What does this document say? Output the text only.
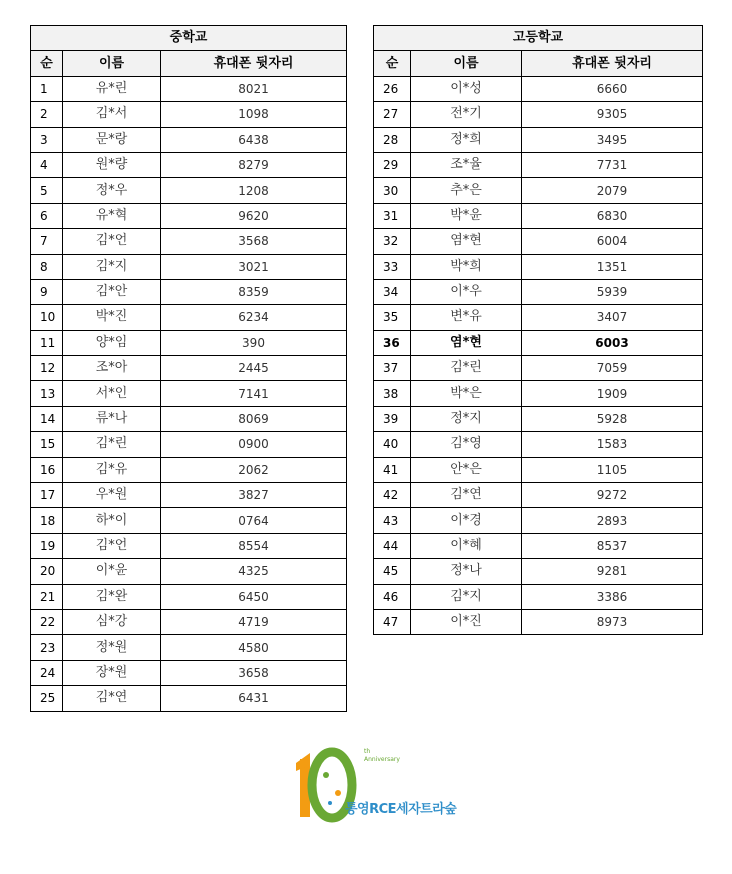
중학교		
순	이름	휴대폰 뒷자리
1	유*린	8021
2	김*서	1098
3	문*랑	6438
4	원*량	8279
5	정*우	1208
6	유*혁	9620
7	김*언	3568
8	김*지	3021
9	김*안	8359
10	박*진	6234
11	양*임	390
12	조*아	2445
13	서*인	7141
14	류*나	8069
15	김*린	0900
16	김*유	2062
17	우*원	3827
18	하*이	0764
19	김*언	8554
20	이*윤	4325
21	김*완	6450
22	심*강	4719
23	정*원	4580
24	장*원	3658
25	김*연	6431
고등학교		
순	이름	휴대폰 뒷자리
26	이*성	6660
27	전*기	9305
28	정*희	3495
29	조*율	7731
30	추*은	2079
31	박*윤	6830
32	염*현	6004
33	박*희	1351
34	이*우	5939
35	변*유	3407
36	염*현	6003
37	김*린	7059
38	박*은	1909
39	정*지	5928
40	김*영	1583
41	안*은	1105
42	김*연	9272
43	이*경	2893
44	이*혜	8537
45	정*나	9281
46	김*지	3386
47	이*진	8973
th
Anniversary
통영RCE세자트라숲
